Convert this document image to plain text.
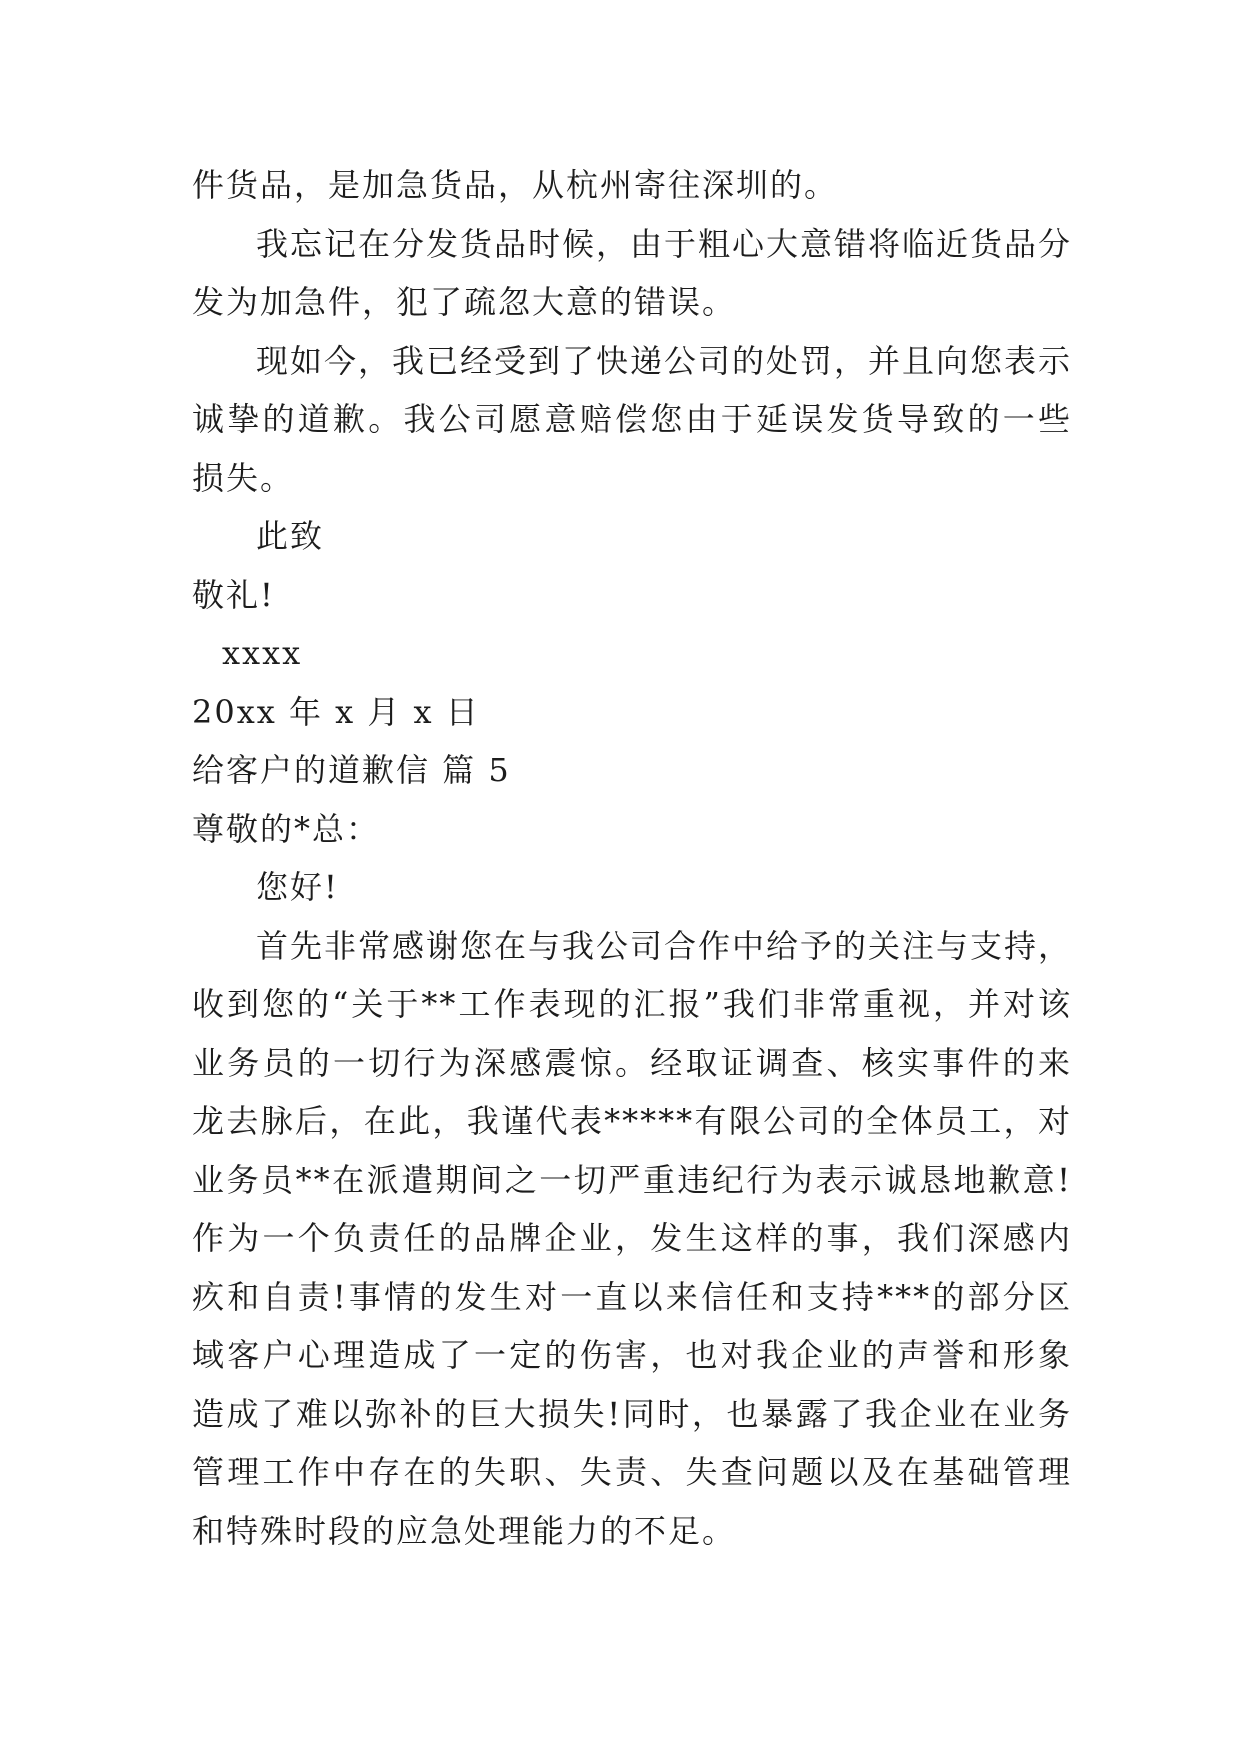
件货品，是加急货品，从杭州寄往深圳的。

我忘记在分发货品时候，由于粗心大意错将临近货品分发为加急件，犯了疏忽大意的错误。

现如今，我已经受到了快递公司的处罚，并且向您表示诚挚的道歉。我公司愿意赔偿您由于延误发货导致的一些损失。

此致

敬礼!

xxxx

20xx 年 x 月 x 日

给客户的道歉信 篇 5

尊敬的*总：

您好!

首先非常感谢您在与我公司合作中给予的关注与支持，收到您的“关于**工作表现的汇报”我们非常重视，并对该业务员的一切行为深感震惊。经取证调查、核实事件的来龙去脉后，在此，我谨代表*****有限公司的全体员工，对业务员**在派遣期间之一切严重违纪行为表示诚恳地歉意!作为一个负责任的品牌企业，发生这样的事，我们深感内疚和自责!事情的发生对一直以来信任和支持***的部分区域客户心理造成了一定的伤害，也对我企业的声誉和形象造成了难以弥补的巨大损失!同时，也暴露了我企业在业务管理工作中存在的失职、失责、失查问题以及在基础管理和特殊时段的应急处理能力的不足。
